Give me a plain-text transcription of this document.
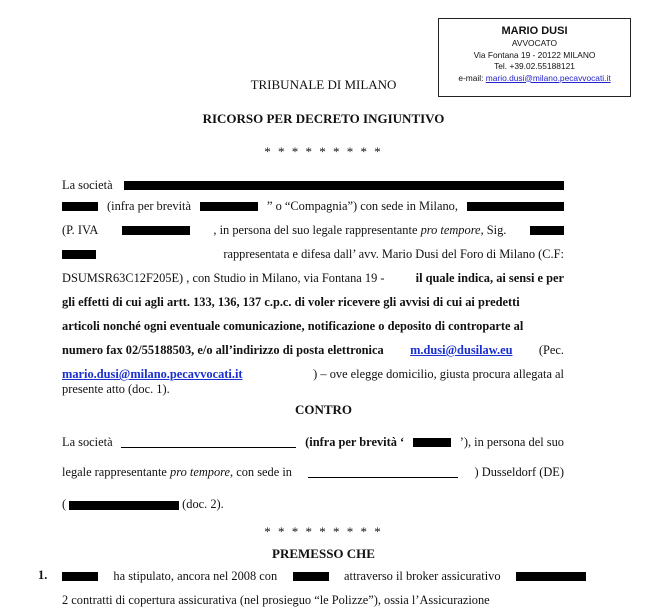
MARIO DUSI
AVVOCATO
Via Fontana 19 - 20122 MILANO
Tel. +39.02.55188121
e-mail: mario.dusi@milano.pecavvocati.it
TRIBUNALE DI MILANO
RICORSO PER DECRETO INGIUNTIVO
* * * * * * * * *
La società
(infra per brevità	” o “Compagnia”) con sede in Milano,
(P. IVA	, in persona del suo legale rappresentante pro tempore, Sig.
rappresentata e difesa dall’ avv. Mario Dusi del Foro di Milano (C.F:
DSUMSR63C12F205E) , con Studio in Milano, via Fontana 19 -	il quale indica, ai sensi e per
gli effetti di cui agli artt. 133, 136, 137 c.p.c. di voler ricevere gli avvisi di cui ai predetti
articoli nonché ogni eventuale comunicazione, notificazione o deposito di controparte al
numero fax 02/55188503, e/o all’indirizzo di posta elettronica m.dusi@dusilaw.eu (Pec.
mario.dusi@milano.pecavvocati.it	) – ove elegge domicilio, giusta procura allegata al
presente atto (doc. 1).
CONTRO
La società	(infra per brevità ‘	’), in persona del suo
legale rappresentante pro tempore, con sede in	) Dusseldorf (DE)
(	(doc. 2).
* * * * * * * * *
PREMESSO CHE
1.	ha stipulato, ancora nel 2008 con	attraverso il broker assicurativo
2 contratti di copertura assicurativa (nel prosieguo “le Polizze”), ossia l’Assicurazione
